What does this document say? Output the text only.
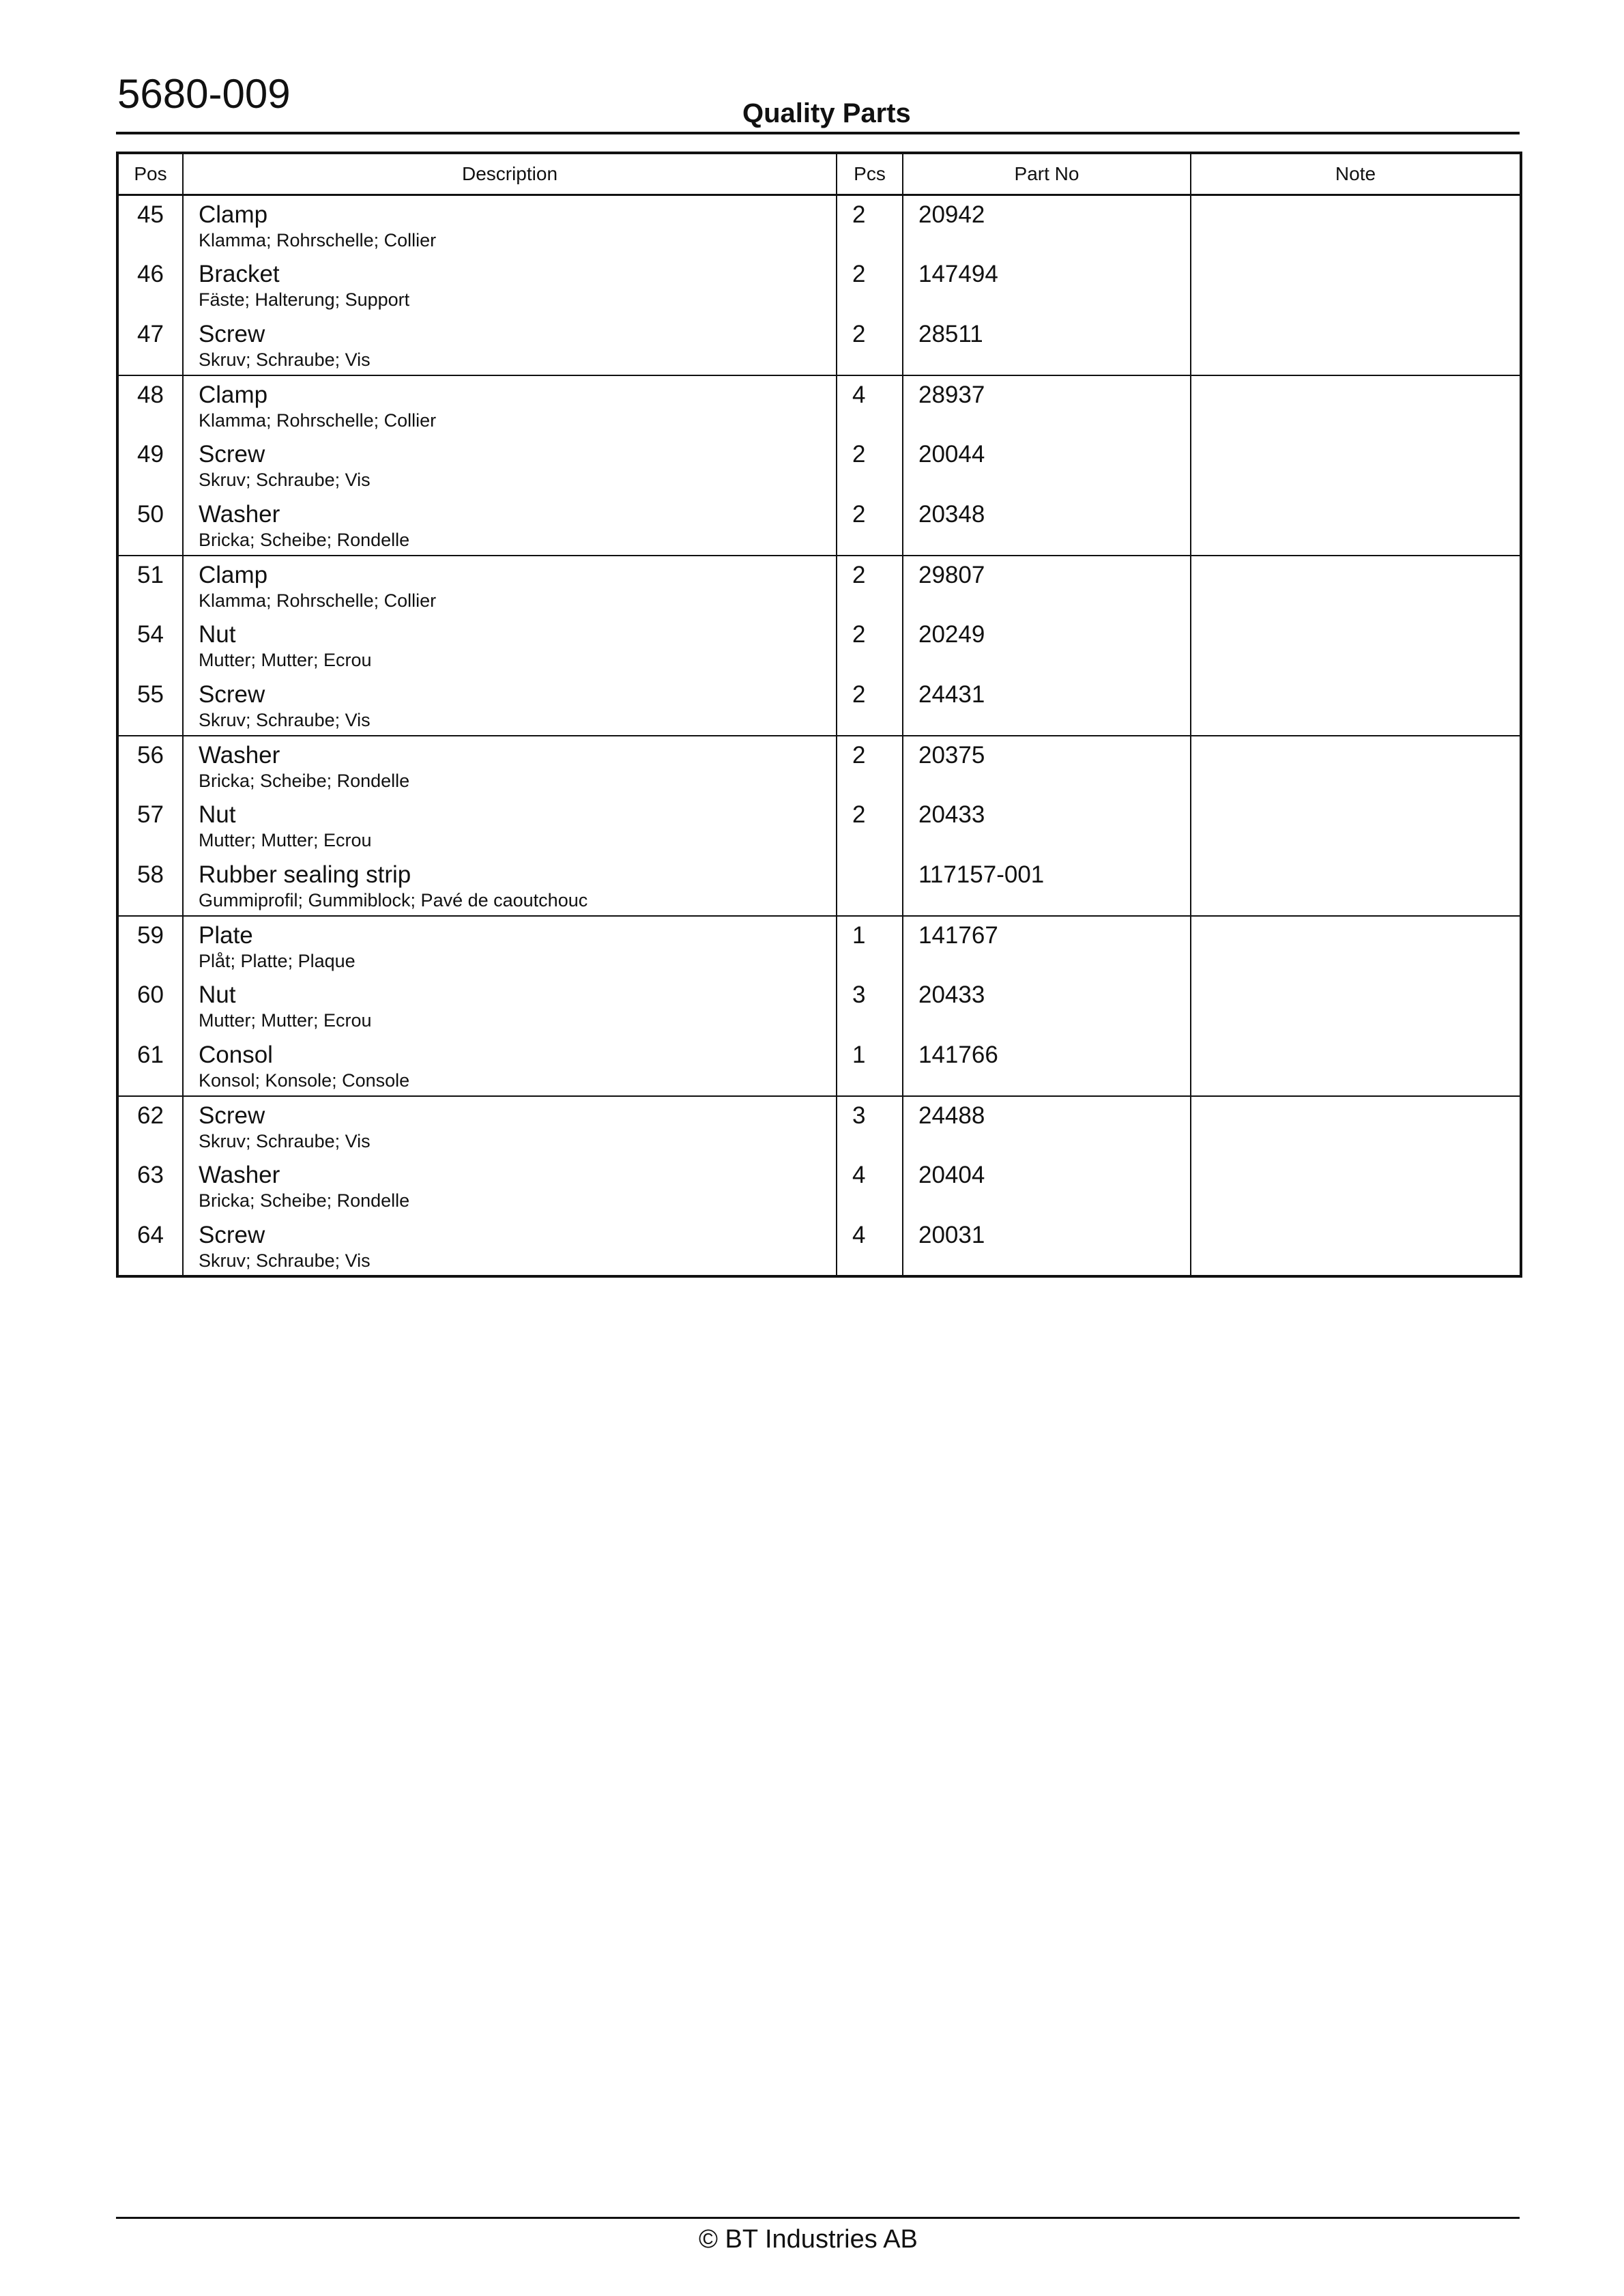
5680-009	Quality Parts
Pos	Description	Pcs	Part No	Note
45	Clamp
Klamma; Rohrschelle; Collier	2	20942	
46	Bracket
Fäste; Halterung; Support	2	147494	
47	Screw
Skruv; Schraube; Vis	2	28511	
48	Clamp
Klamma; Rohrschelle; Collier	4	28937	
49	Screw
Skruv; Schraube; Vis	2	20044	
50	Washer
Bricka; Scheibe; Rondelle	2	20348	
51	Clamp
Klamma; Rohrschelle; Collier	2	29807	
54	Nut
Mutter; Mutter; Ecrou	2	20249	
55	Screw
Skruv; Schraube; Vis	2	24431	
56	Washer
Bricka; Scheibe; Rondelle	2	20375	
57	Nut
Mutter; Mutter; Ecrou	2	20433	
58	Rubber sealing strip
Gummiprofil; Gummiblock; Pavé de caoutchouc		117157-001	
59	Plate
Plåt; Platte; Plaque	1	141767	
60	Nut
Mutter; Mutter; Ecrou	3	20433	
61	Consol
Konsol; Konsole; Console	1	141766	
62	Screw
Skruv; Schraube; Vis	3	24488	
63	Washer
Bricka; Scheibe; Rondelle	4	20404	
64	Screw
Skruv; Schraube; Vis	4	20031	
© BT Industries AB
